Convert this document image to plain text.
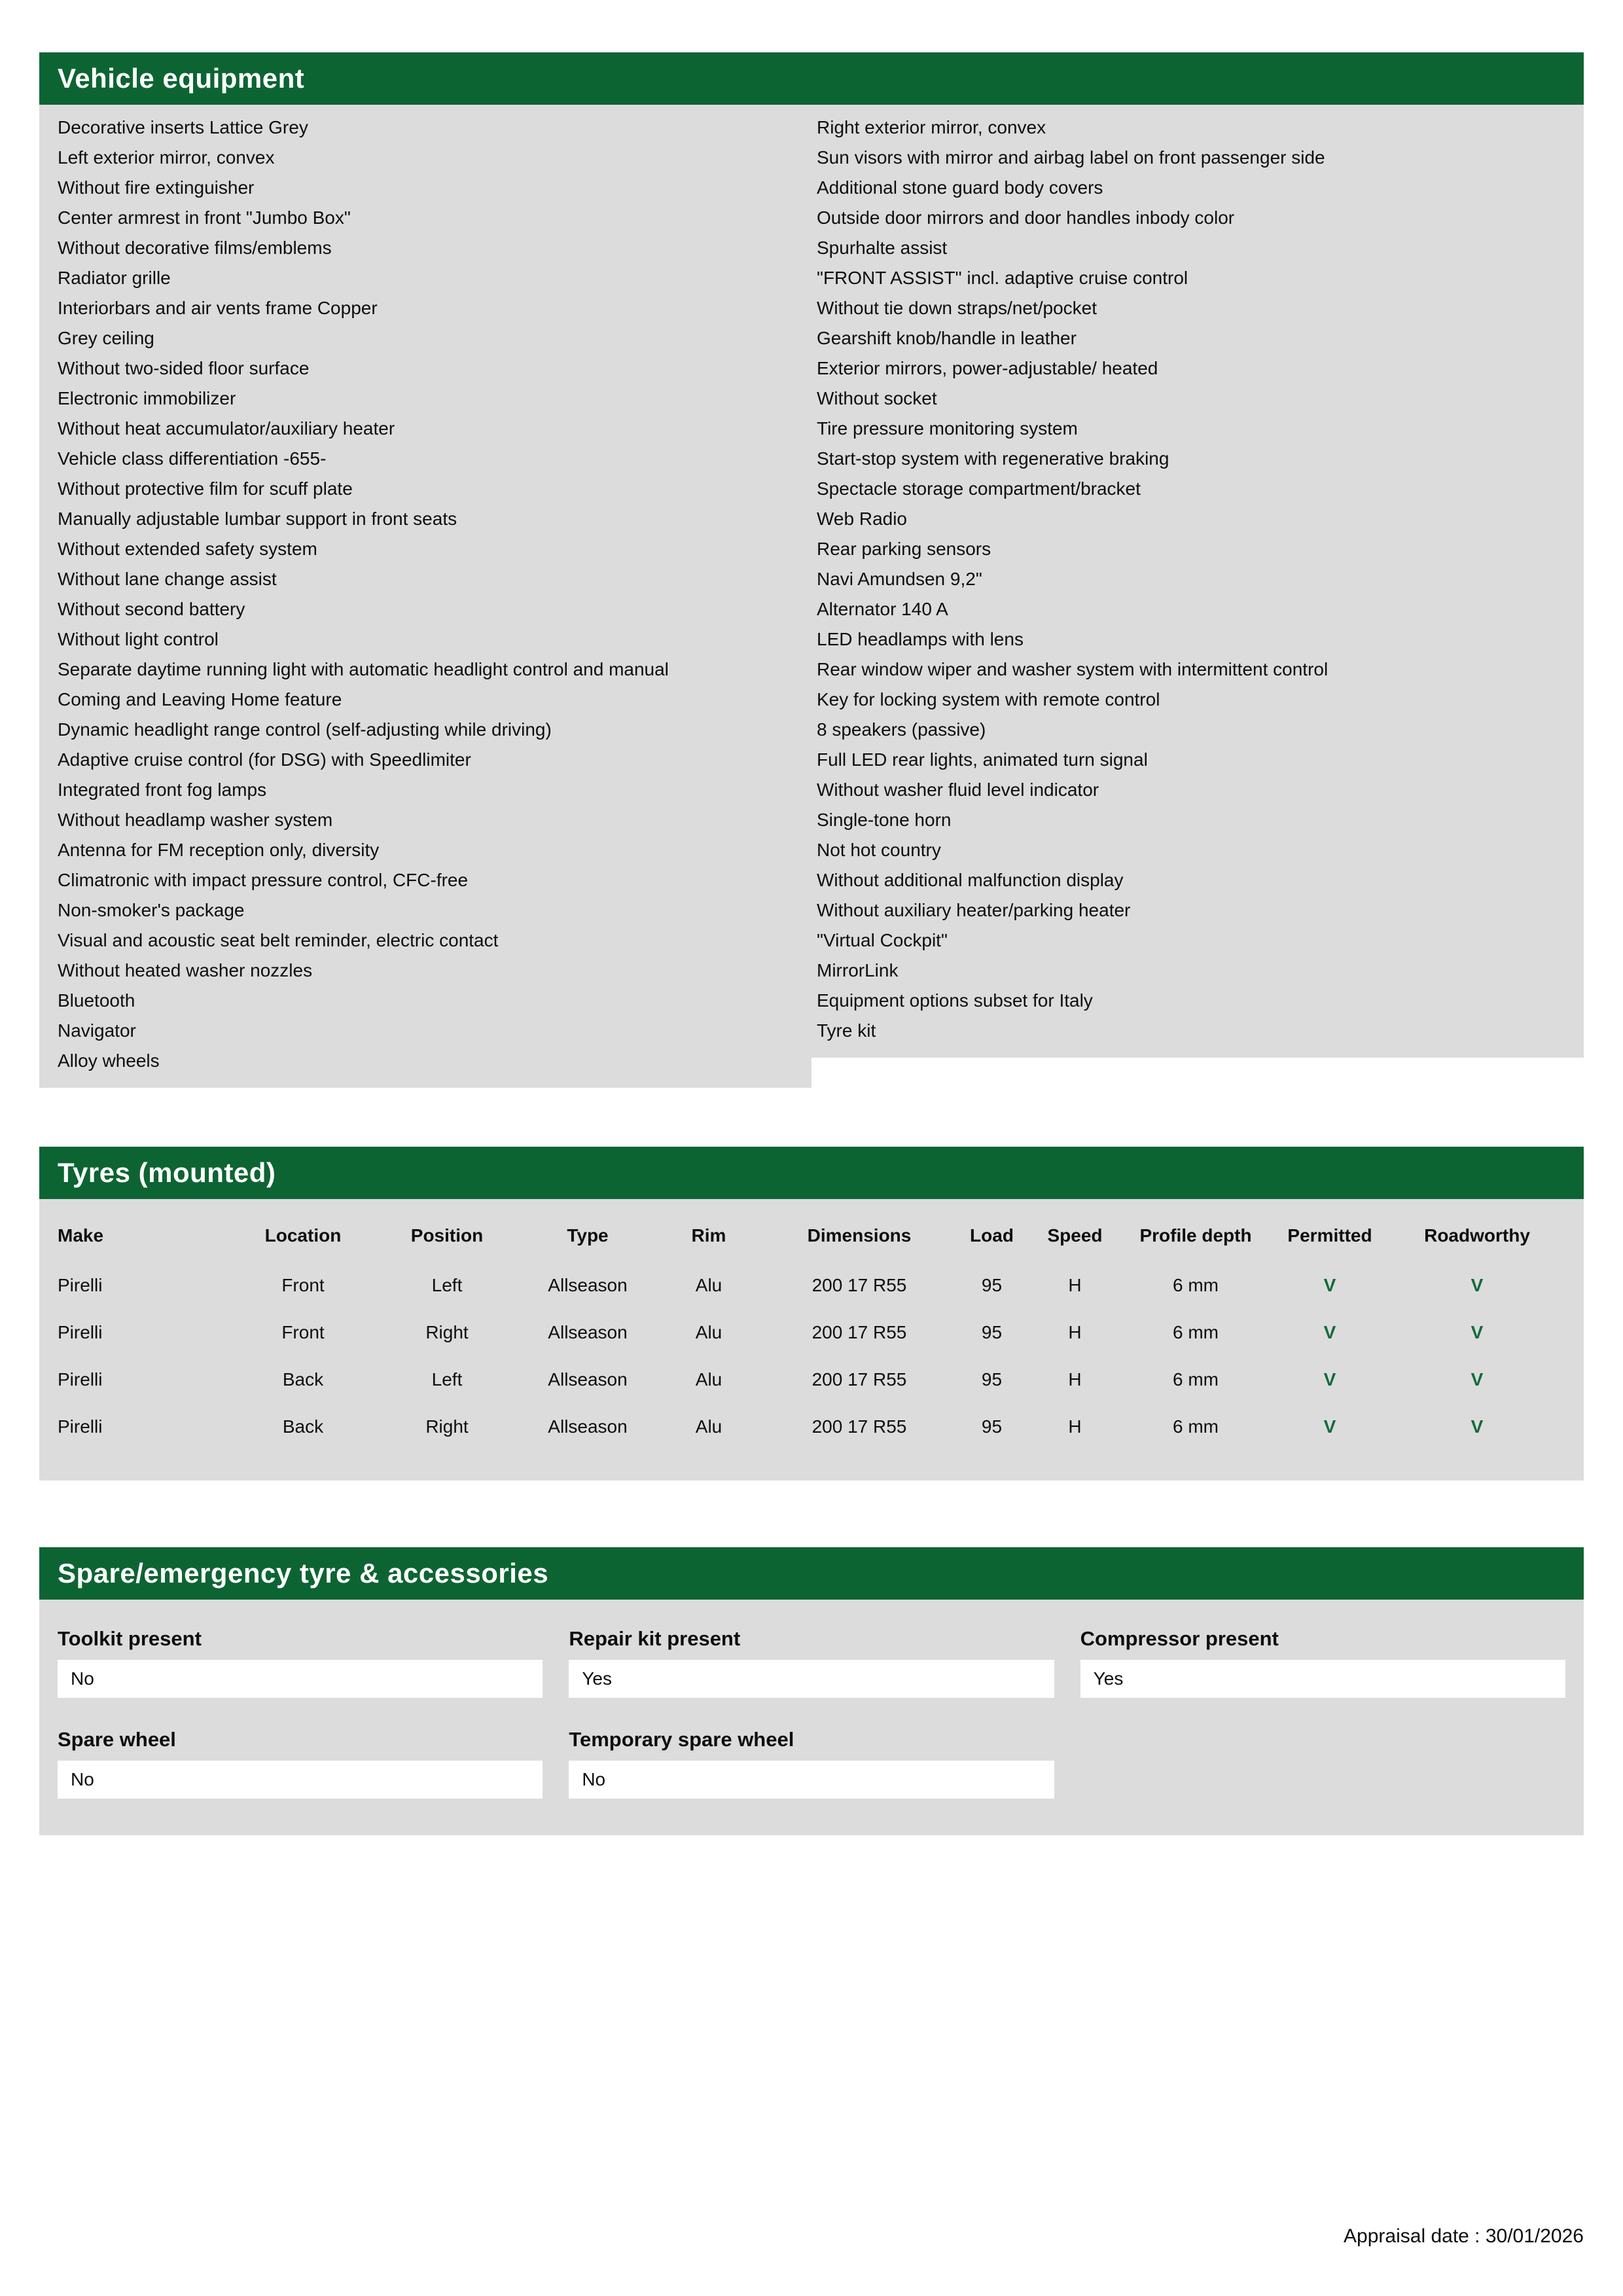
Vehicle equipment
Decorative inserts Lattice Grey
Left exterior mirror, convex
Without fire extinguisher
Center armrest in front "Jumbo Box"
Without decorative films/emblems
Radiator grille
Interiorbars and air vents frame Copper
Grey ceiling
Without two-sided floor surface
Electronic immobilizer
Without heat accumulator/auxiliary heater
Vehicle class differentiation -655-
Without protective film for scuff plate
Manually adjustable lumbar support in front seats
Without extended safety system
Without lane change assist
Without second battery
Without light control
Separate daytime running light with automatic headlight control and manual
Coming and Leaving Home feature
Dynamic headlight range control (self-adjusting while driving)
Adaptive cruise control (for DSG) with Speedlimiter
Integrated front fog lamps
Without headlamp washer system
Antenna for FM reception only, diversity
Climatronic with impact pressure control, CFC-free
Non-smoker's package
Visual and acoustic seat belt reminder, electric contact
Without heated washer nozzles
Bluetooth
Navigator
Alloy wheels
Right exterior mirror, convex
Sun visors with mirror and airbag label on front passenger side
Additional stone guard body covers
Outside door mirrors and door handles inbody color
Spurhalte assist
"FRONT ASSIST" incl. adaptive cruise control
Without tie down straps/net/pocket
Gearshift knob/handle in leather
Exterior mirrors, power-adjustable/ heated
Without socket
Tire pressure monitoring system
Start-stop system with regenerative braking
Spectacle storage compartment/bracket
Web Radio
Rear parking sensors
Navi Amundsen 9,2"
Alternator 140 A
LED headlamps with lens
Rear window wiper and washer system with intermittent control
Key for locking system with remote control
8 speakers (passive)
Full LED rear lights, animated turn signal
Without washer fluid level indicator
Single-tone horn
Not hot country
Without additional malfunction display
Without auxiliary heater/parking heater
"Virtual Cockpit"
MirrorLink
Equipment options subset for Italy
Tyre kit
Tyres (mounted)
Make	Location	Position	Type	Rim	Dimensions	Load	Speed	Profile depth	Permitted	Roadworthy
Pirelli	Front	Left	Allseason	Alu	200 17 R55	95	H	6 mm	V	V
Pirelli	Front	Right	Allseason	Alu	200 17 R55	95	H	6 mm	V	V
Pirelli	Back	Left	Allseason	Alu	200 17 R55	95	H	6 mm	V	V
Pirelli	Back	Right	Allseason	Alu	200 17 R55	95	H	6 mm	V	V
Spare/emergency tyre & accessories
Toolkit present
No
Repair kit present
Yes
Compressor present
Yes
Spare wheel
No
Temporary spare wheel
No
Appraisal date : 30/01/2026
